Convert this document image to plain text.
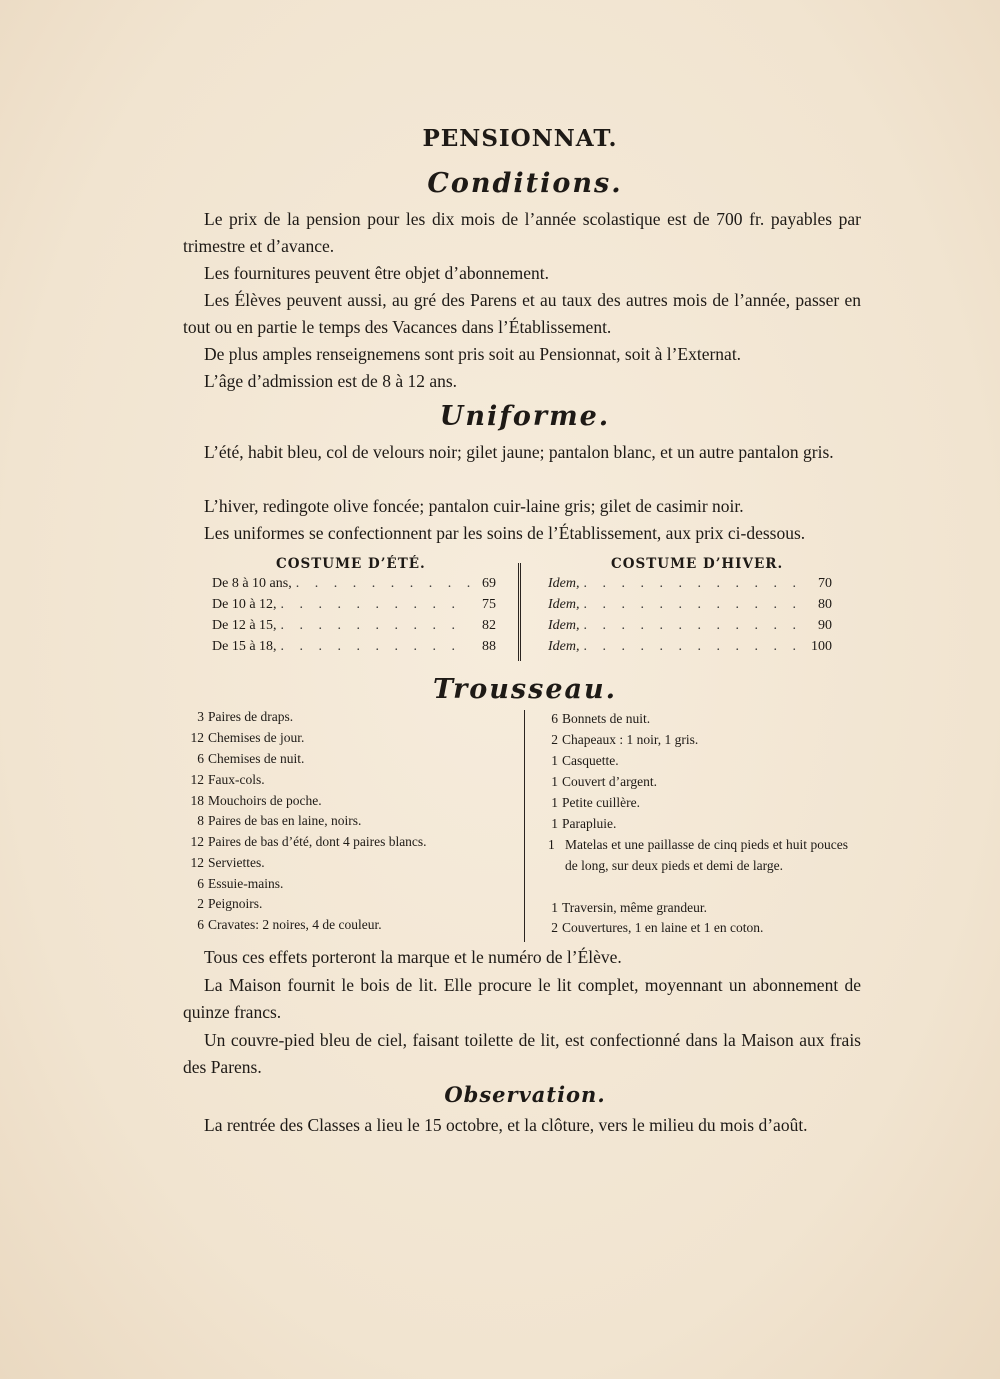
PENSIONNAT.
Conditions.
Le prix de la pension pour les dix mois de l’année scolastique est de 700 fr. payables par trimestre et d’avance.
Les fournitures peuvent être objet d’abonnement.
Les Élèves peuvent aussi, au gré des Parens et au taux des autres mois de l’année, passer en tout ou en partie le temps des Vacances dans l’Établissement.
De plus amples renseignemens sont pris soit au Pensionnat, soit à l’Externat.
L’âge d’admission est de 8 à 12 ans.
Uniforme.
L’été, habit bleu, col de velours noir; gilet jaune; pantalon blanc, et un autre pantalon gris.
L’hiver, redingote olive foncée; pantalon cuir-laine gris; gilet de casimir noir.
Les uniformes se confectionnent par les soins de l’Établissement, aux prix ci-dessous.
COSTUME D’ÉTÉ.	COSTUME D’HIVER.
De 8 à 10 ans, . . .	69
De 10 à 12, . . .	75
De 12 à 15, . . .	82
De 15 à 18, . . .	88
Idem, . . .	70
Idem, . . .	80
Idem, . . .	90
Idem, . . .	100
Trousseau.
3 Paires de draps.
12 Chemises de jour.
6 Chemises de nuit.
12 Faux-cols.
18 Mouchoirs de poche.
8 Paires de bas en laine, noirs.
12 Paires de bas d’été, dont 4 paires blancs.
12 Serviettes.
6 Essuie-mains.
2 Peignoirs.
6 Cravates: 2 noires, 4 de couleur.
6 Bonnets de nuit.
2 Chapeaux : 1 noir, 1 gris.
1 Casquette.
1 Couvert d’argent.
1 Petite cuillère.
1 Parapluie.
1 Matelas et une paillasse de cinq pieds et huit pouces de long, sur deux pieds et demi de large.
1 Traversin, même grandeur.
2 Couvertures, 1 en laine et 1 en coton.
Tous ces effets porteront la marque et le numéro de l’Élève.
La Maison fournit le bois de lit. Elle procure le lit complet, moyennant un abonnement de quinze francs.
Un couvre-pied bleu de ciel, faisant toilette de lit, est confectionné dans la Maison aux frais des Parens.
Observation.
La rentrée des Classes a lieu le 15 octobre, et la clôture, vers le milieu du mois d’août.
